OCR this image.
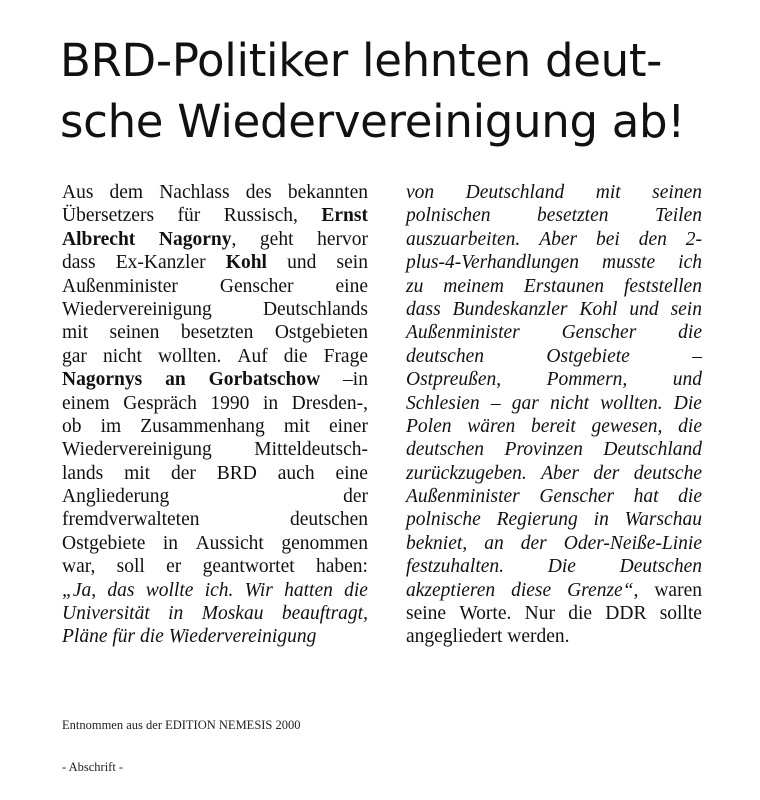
BRD-Politiker lehnten deut-
sche Wiedervereinigung ab!
Aus dem Nachlass des bekannten
Übersetzers für Russisch, Ernst
Albrecht Nagorny, geht hervor
dass Ex-Kanzler Kohl und sein
Außenminister Genscher eine
Wiedervereinigung	Deutschlands
mit seinen besetzten Ostgebieten
gar nicht wollten. Auf die Frage
Nagornys an Gorbatschow –in
einem Gespräch 1990 in Dresden-,
ob im Zusammenhang mit einer
Wiedervereinigung Mitteldeutsch-
lands mit der BRD auch eine
Angliederung	der
fremdverwalteten	deutschen
Ostgebiete in Aussicht genommen
war, soll er geantwortet haben:
„Ja, das wollte ich. Wir hatten die
Universität in Moskau beauftragt,
Pläne für die Wiedervereinigung
von Deutschland mit seinen
polnischen besetzten Teilen
auszuarbeiten. Aber bei den 2-
plus-4-Verhandlungen musste ich
zu meinem Erstaunen feststellen
dass Bundeskanzler Kohl und sein
Außenminister Genscher die
deutschen	Ostgebiete	–
Ostpreußen, Pommern, und
Schlesien – gar nicht wollten. Die
Polen wären bereit gewesen, die
deutschen Provinzen Deutschland
zurückzugeben. Aber der deutsche
Außenminister Genscher hat die
polnische Regierung in Warschau
bekniet, an der Oder-Neiße-Linie
festzuhalten. Die Deutschen
akzeptieren diese Grenze“, waren
seine Worte. Nur die DDR sollte
angegliedert werden.
Entnommen aus der EDITION NEMESIS 2000
- Abschrift -
